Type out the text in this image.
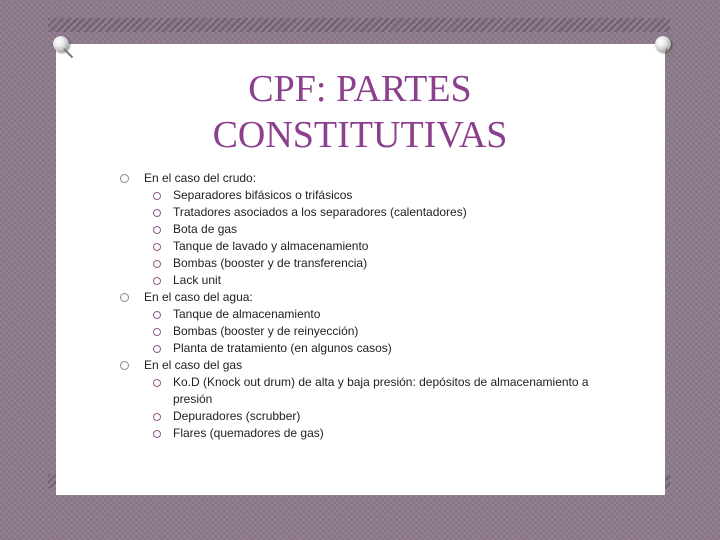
CPF: PARTES
CONSTITUTIVAS
En el caso del crudo:
Separadores bifásicos o trifásicos
Tratadores asociados a los separadores (calentadores)
Bota de gas
Tanque de lavado y almacenamiento
Bombas (booster y de transferencia)
Lack unit
En el caso del agua:
Tanque de almacenamiento
Bombas (booster y de reinyección)
Planta de tratamiento (en algunos casos)
En el caso del gas
Ko.D (Knock out drum) de alta y baja presión: depósitos de almacenamiento a presión
Depuradores (scrubber)
Flares (quemadores de gas)
